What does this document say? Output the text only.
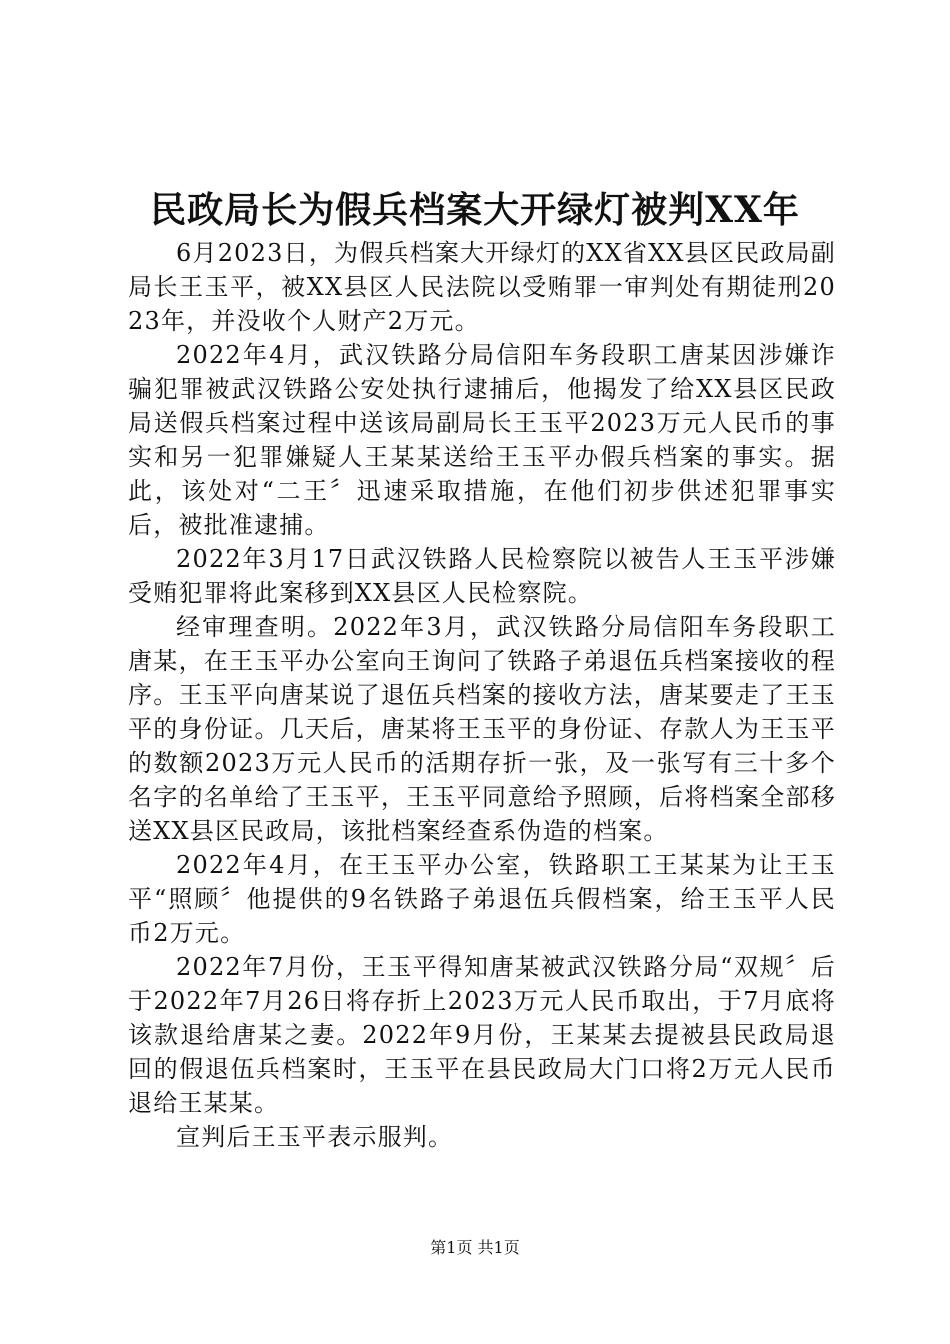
民政局长为假兵档案大开绿灯被判XX年

6月2023日，为假兵档案大开绿灯的XX省XX县区民政局副局长王玉平，被XX县区人民法院以受贿罪一审判处有期徒刑2023年，并没收个人财产2万元。

2022年4月，武汉铁路分局信阳车务段职工唐某因涉嫌诈骗犯罪被武汉铁路公安处执行逮捕后，他揭发了给XX县区民政局送假兵档案过程中送该局副局长王玉平2023万元人民币的事实和另一犯罪嫌疑人王某某送给王玉平办假兵档案的事实。据此，该处对“二王〞迅速采取措施，在他们初步供述犯罪事实后，被批准逮捕。

2022年3月17日武汉铁路人民检察院以被告人王玉平涉嫌受贿犯罪将此案移到XX县区人民检察院。

经审理查明。2022年3月，武汉铁路分局信阳车务段职工唐某，在王玉平办公室向王询问了铁路子弟退伍兵档案接收的程序。王玉平向唐某说了退伍兵档案的接收方法，唐某要走了王玉平的身份证。几天后，唐某将王玉平的身份证、存款人为王玉平的数额2023万元人民币的活期存折一张，及一张写有三十多个名字的名单给了王玉平，王玉平同意给予照顾，后将档案全部移送XX县区民政局，该批档案经查系伪造的档案。

2022年4月，在王玉平办公室，铁路职工王某某为让王玉平“照顾〞他提供的9名铁路子弟退伍兵假档案，给王玉平人民币2万元。

2022年7月份，王玉平得知唐某被武汉铁路分局“双规〞后于2022年7月26日将存折上2023万元人民币取出，于7月底将该款退给唐某之妻。2022年9月份，王某某去提被县民政局退回的假退伍兵档案时，王玉平在县民政局大门口将2万元人民币退给王某某。

宣判后王玉平表示服判。

第1页 共1页
